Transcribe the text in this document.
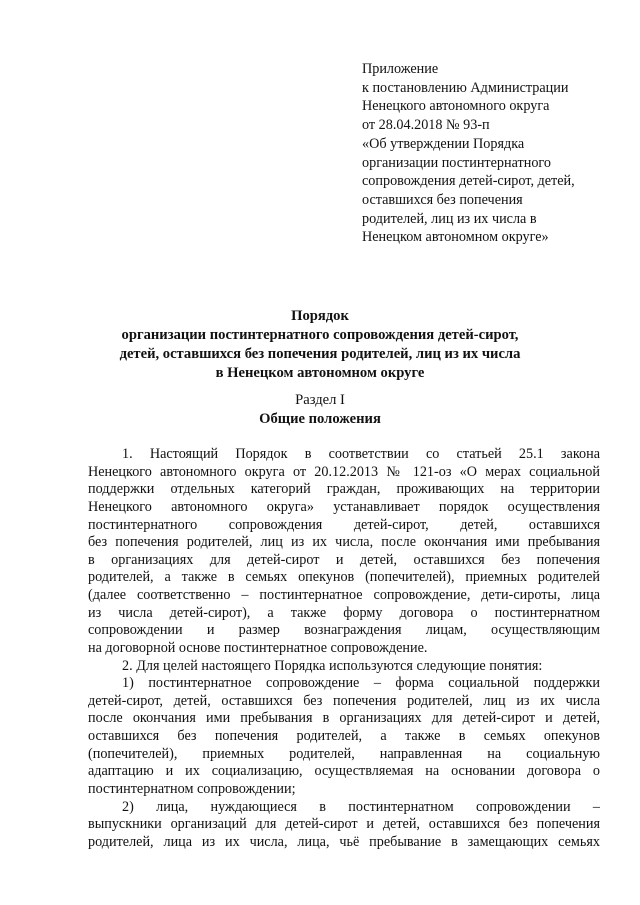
Приложение
к постановлению Администрации
Ненецкого автономного округа
от 28.04.2018 № 93-п
«Об утверждении Порядка
организации постинтернатного
сопровождения детей-сирот, детей,
оставшихся без попечения
родителей, лиц из их числа в
Ненецком автономном округе»
Порядок
организации постинтернатного сопровождения детей-сирот,
детей, оставшихся без попечения родителей, лиц из их числа
в Ненецком автономном округе
Раздел I
Общие положения
1. Настоящий Порядок в соответствии со статьей 25.1 закона
Ненецкого автономного округа от 20.12.2013 № 121-оз «О мерах социальной
поддержки отдельных категорий граждан, проживающих на территории
Ненецкого автономного округа» устанавливает порядок осуществления
постинтернатного сопровождения детей-сирот, детей, оставшихся
без попечения родителей, лиц из их числа, после окончания ими пребывания
в организациях для детей-сирот и детей, оставшихся без попечения
родителей, а также в семьях опекунов (попечителей), приемных родителей
(далее соответственно – постинтернатное сопровождение, дети-сироты, лица
из числа детей-сирот), а также форму договора о постинтернатном
сопровождении и размер вознаграждения лицам, осуществляющим
на договорной основе постинтернатное сопровождение.
2. Для целей настоящего Порядка используются следующие понятия:
1) постинтернатное сопровождение – форма социальной поддержки
детей-сирот, детей, оставшихся без попечения родителей, лиц из их числа
после окончания ими пребывания в организациях для детей-сирот и детей,
оставшихся без попечения родителей, а также в семьях опекунов
(попечителей), приемных родителей, направленная на социальную
адаптацию и их социализацию, осуществляемая на основании договора о
постинтернатном сопровождении;
2) лица, нуждающиеся в постинтернатном сопровождении –
выпускники организаций для детей-сирот и детей, оставшихся без попечения
родителей, лица из их числа, лица, чьё пребывание в замещающих семьях
